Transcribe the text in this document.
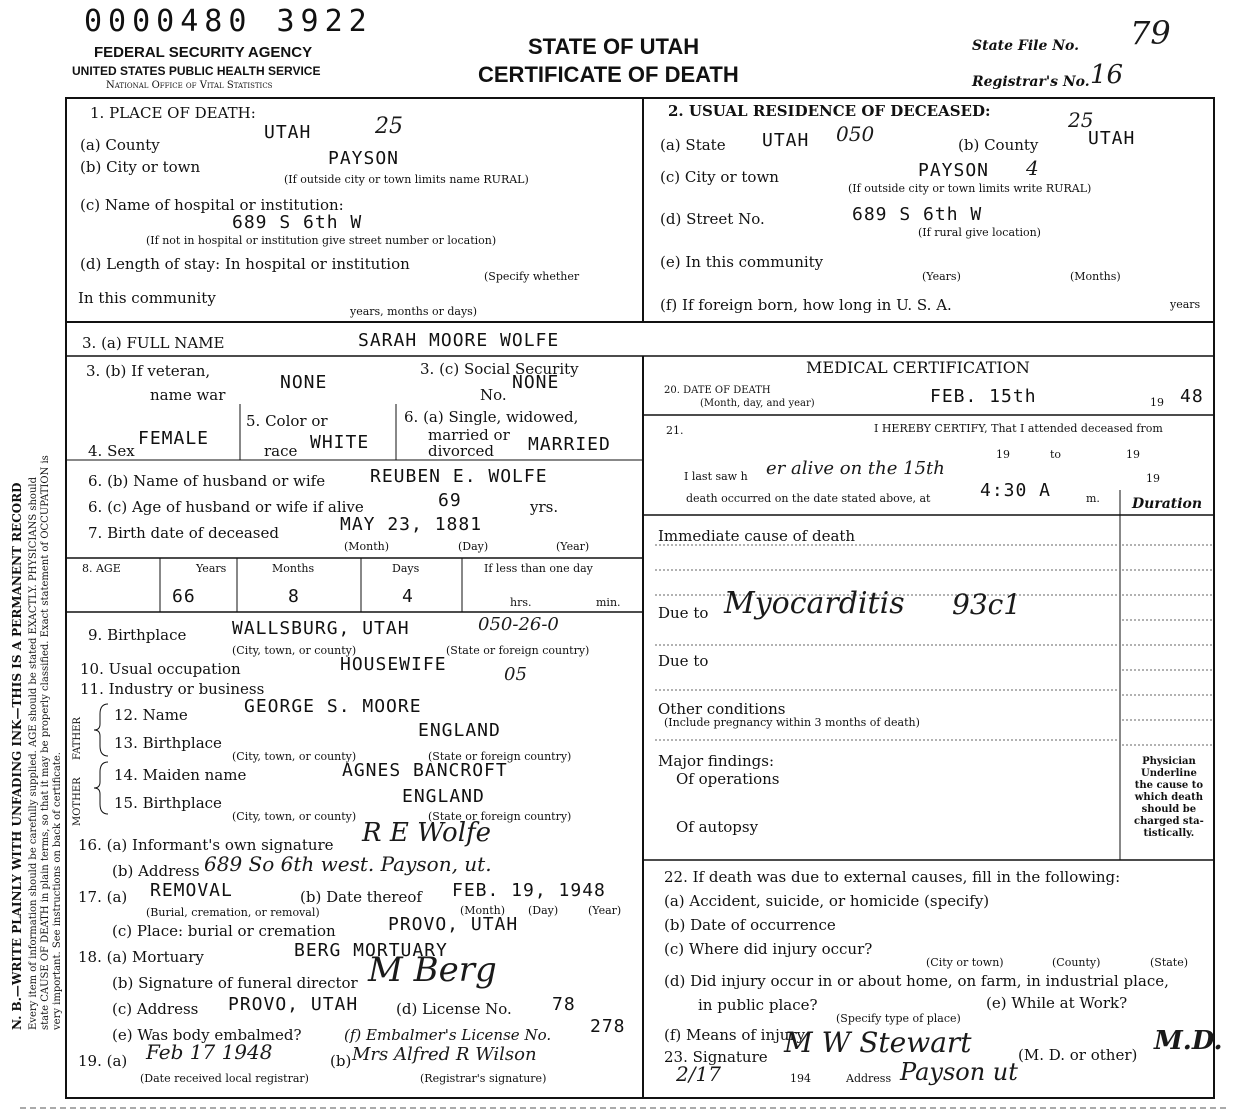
N. B.—WRITE PLAINLY WITH UNFADING INK—THIS IS A PERMANENT RECORD Every item of information should be carefully supplied. AGE should be stated EXACTLY. PHYSICIANS should state CAUSE OF DEATH in plain terms, so that it may be properly classified. Exact statement of OCCUPATION is very important. See instructions on back of certificate.
0000480 3922
FEDERAL SECURITY AGENCY
UNITED STATES PUBLIC HEALTH SERVICE
National Office of Vital Statistics
STATE OF UTAH
CERTIFICATE OF DEATH
State File No. 79
Registrar's No. 16
1. PLACE OF DEATH:
(a) County
UTAH	25
(b) City or town	PAYSON
(If outside city or town limits name RURAL)
(c) Name of hospital or institution:
689 S 6th W
(If not in hospital or institution give street number or location)
(d) Length of stay: In hospital or institution
(Specify whether
In this community
years, months or days)
2. USUAL RESIDENCE OF DECEASED:
(a) State UTAH 050	(b) County
25
UTAH
(c) City or town	PAYSON 4
(If outside city or town limits write RURAL)
(d) Street No.	689 S 6th W
(If rural give location)
(e) In this community
(Years)	(Months)
(f) If foreign born, how long in U. S. A.	years
3. (a) FULL NAME	SARAH MOORE WOLFE
3. (b) If veteran,
name war
NONE
3. (c) Social Security
No.
NONE
4. Sex
FEMALE
5. Color or
race WHITE
6. (a) Single, widowed,
married or
divorced MARRIED
6. (b) Name of husband or wife REUBEN E. WOLFE
6. (c) Age of husband or wife if alive	69	yrs.
7. Birth date of deceased	MAY 23, 1881
(Month)	(Day)	(Year)
8. AGE	Years	Months	Days	If less than one day
66	8	4	hrs.	min.
9. Birthplace	WALLSBURG, UTAH	050-26-0
(City, town, or county)	(State or foreign country)
10. Usual occupation	HOUSEWIFE	05
11. Industry or business
FATHER
MOTHER
12. Name	GEORGE S. MOORE
13. Birthplace
ENGLAND
(City, town, or county)	(State or foreign country)
14. Maiden name	AGNES BANCROFT
15. Birthplace	ENGLAND
(City, town, or county)	(State or foreign country)
16. (a) Informant's own signature R E Wolfe
(b) Address 689 So 6th west. Payson, ut.
17. (a) REMOVAL	(b) Date thereof FEB. 19, 1948
(Burial, cremation, or removal)	(Month) (Day)	(Year)
(c) Place: burial or cremation	PROVO, UTAH
18. (a) Mortuary	BERG MORTUARY
(b) Signature of funeral director M Berg
(c) Address PROVO, UTAH	(d) License No. 78
(e) Was body embalmed?	(f) Embalmer's License No. 278
19. (a) Feb 17 1948
(Date received local registrar)
(b) Mrs Alfred R Wilson
(Registrar's signature)
MEDICAL CERTIFICATION
20. DATE OF DEATH
(Month, day, and year)	FEB. 15th	19 48
21.	I HEREBY CERTIFY, That I attended deceased from
19
19
19	to
I last saw h er alive on the 15th
death occurred on the date stated above, at	4:30 A	m. Duration
Immediate cause of death
Due to Myocarditis 93c1
Due to
Other conditions
(Include pregnancy within 3 months of death)
Major findings:
Of operations
Of autopsy
Physician
Underline
the cause to
which death
should be
charged sta-
tistically.
22. If death was due to external causes, fill in the following:
(a) Accident, suicide, or homicide (specify)
(b) Date of occurrence
(c) Where did injury occur?
(City or town)	(County)	(State)
(d) Did injury occur in or about home, on farm, in industrial place,
in public place?	(e) While at Work?
(Specify type of place)
(f) Means of injury
23. Signature M W Stewart	(M. D. or other) M.D.
2/17	194	Address Payson ut
